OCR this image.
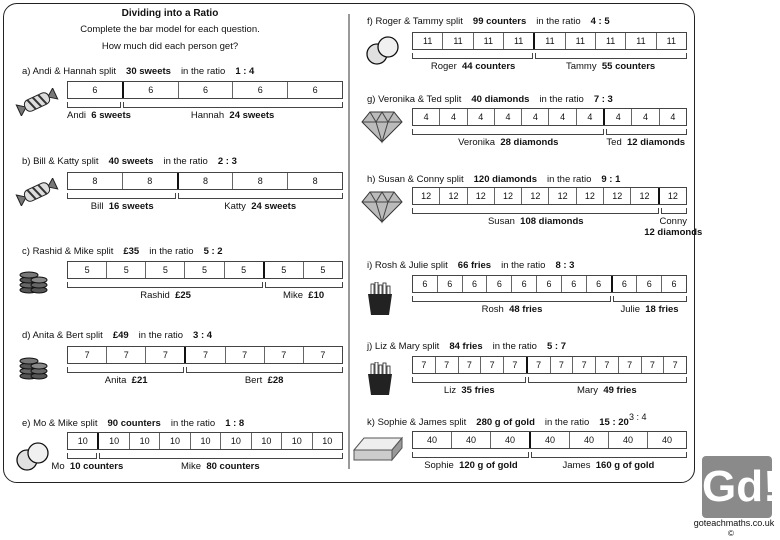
Dividing into a Ratio
Complete the bar model for each question.
How much did each person get?
a) Andi & Hannah split 30 sweets in the ratio 1 : 4
6	6	6	6	6
Andi 6 sweets	Hannah 24 sweets
b) Bill & Katty split 40 sweets in the ratio 2 : 3
8	8	8	8	8
Bill 16 sweets	Katty 24 sweets
c) Rashid & Mike split £35 in the ratio 5 : 2
5	5	5	5	5	5	5
Rashid £25	Mike £10
d) Anita & Bert split £49 in the ratio 3 : 4
7	7	7	7	7	7	7
Anita £21	Bert £28
e) Mo & Mike split 90 counters in the ratio 1 : 8
10	10	10	10	10	10	10	10	10
Mo 10 counters	Mike 80 counters
f) Roger & Tammy split 99 counters in the ratio 4 : 5
11	11	11	11	11	11	11	11	11
Roger 44 counters	Tammy 55 counters
g) Veronika & Ted split 40 diamonds in the ratio 7 : 3
4	4	4	4	4	4	4	4	4	4
Veronika 28 diamonds	Ted 12 diamonds
h) Susan & Conny split 120 diamonds in the ratio 9 : 1
12	12	12	12	12	12	12	12	12	12
Susan 108 diamonds	Conny
12 diamonds
i) Rosh & Julie split 66 fries in the ratio 8 : 3
6	6	6	6	6	6	6	6	6	6	6
Rosh 48 fries	Julie 18 fries
j) Liz & Mary split 84 fries in the ratio 5 : 7
7	7	7	7	7	7	7	7	7	7	7	7
Liz 35 fries	Mary 49 fries
k) Sophie & James split 280 g of gold in the ratio 15 : 20 3 : 4
40	40	40	40	40	40	40
Sophie 120 g of gold	James 160 g of gold	Gd!
goteachmaths.co.uk
©
